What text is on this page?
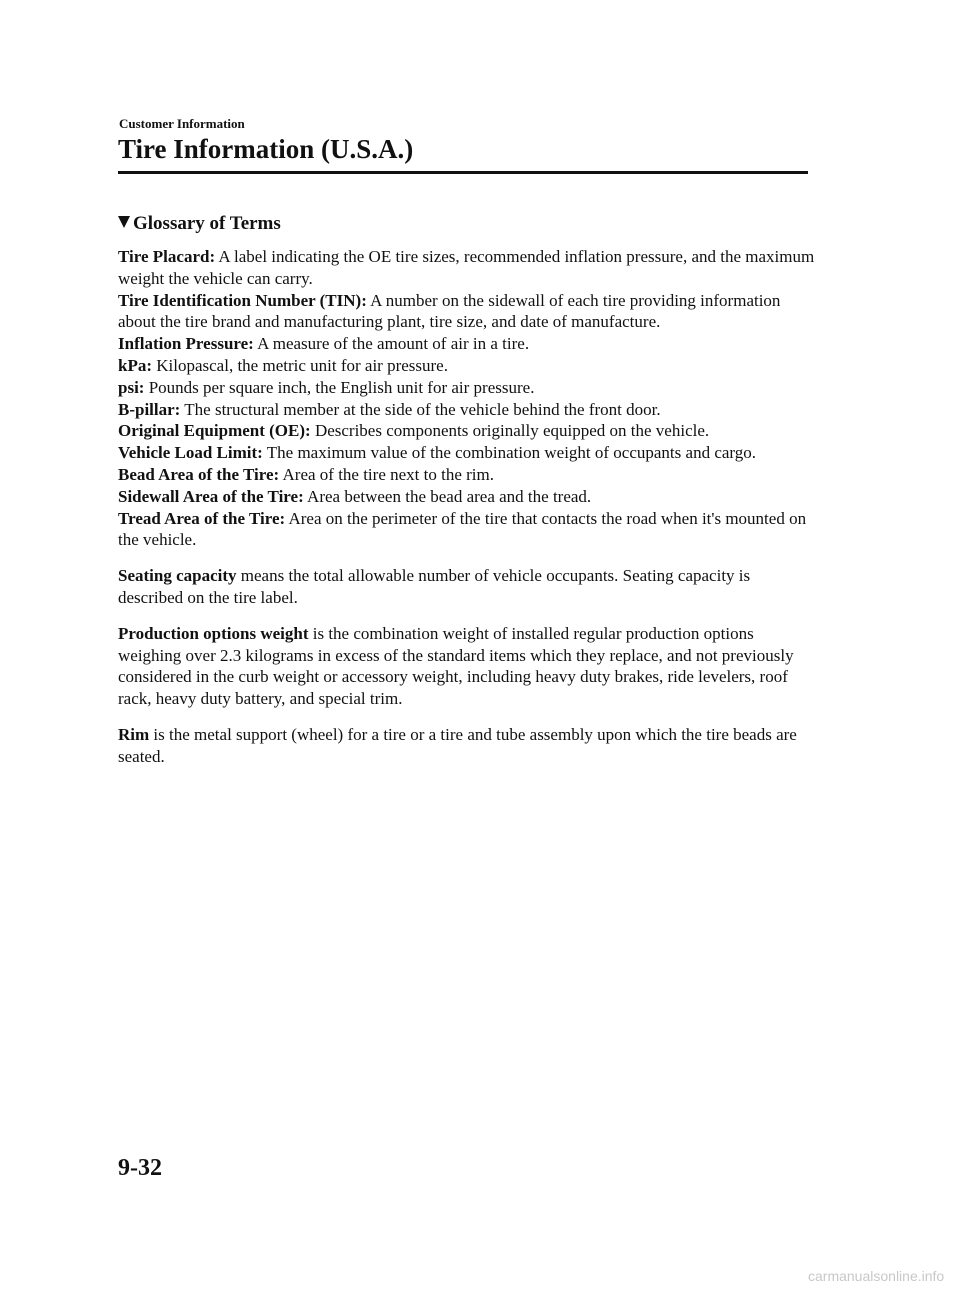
Customer Information
Tire Information (U.S.A.)
Glossary of Terms

Tire Placard: A label indicating the OE tire sizes, recommended inflation pressure, and the maximum weight the vehicle can carry.

Tire Identification Number (TIN): A number on the sidewall of each tire providing information about the tire brand and manufacturing plant, tire size, and date of manufacture.

Inflation Pressure: A measure of the amount of air in a tire.

kPa: Kilopascal, the metric unit for air pressure.

psi: Pounds per square inch, the English unit for air pressure.

B-pillar: The structural member at the side of the vehicle behind the front door.

Original Equipment (OE): Describes components originally equipped on the vehicle.

Vehicle Load Limit: The maximum value of the combination weight of occupants and cargo.

Bead Area of the Tire: Area of the tire next to the rim.

Sidewall Area of the Tire: Area between the bead area and the tread.

Tread Area of the Tire: Area on the perimeter of the tire that contacts the road when it's mounted on the vehicle.

Seating capacity means the total allowable number of vehicle occupants. Seating capacity is described on the tire label.

Production options weight is the combination weight of installed regular production options weighing over 2.3 kilograms in excess of the standard items which they replace, and not previously considered in the curb weight or accessory weight, including heavy duty brakes, ride levelers, roof rack, heavy duty battery, and special trim.

Rim is the metal support (wheel) for a tire or a tire and tube assembly upon which the tire beads are seated.

9-32
carmanualsonline.info
